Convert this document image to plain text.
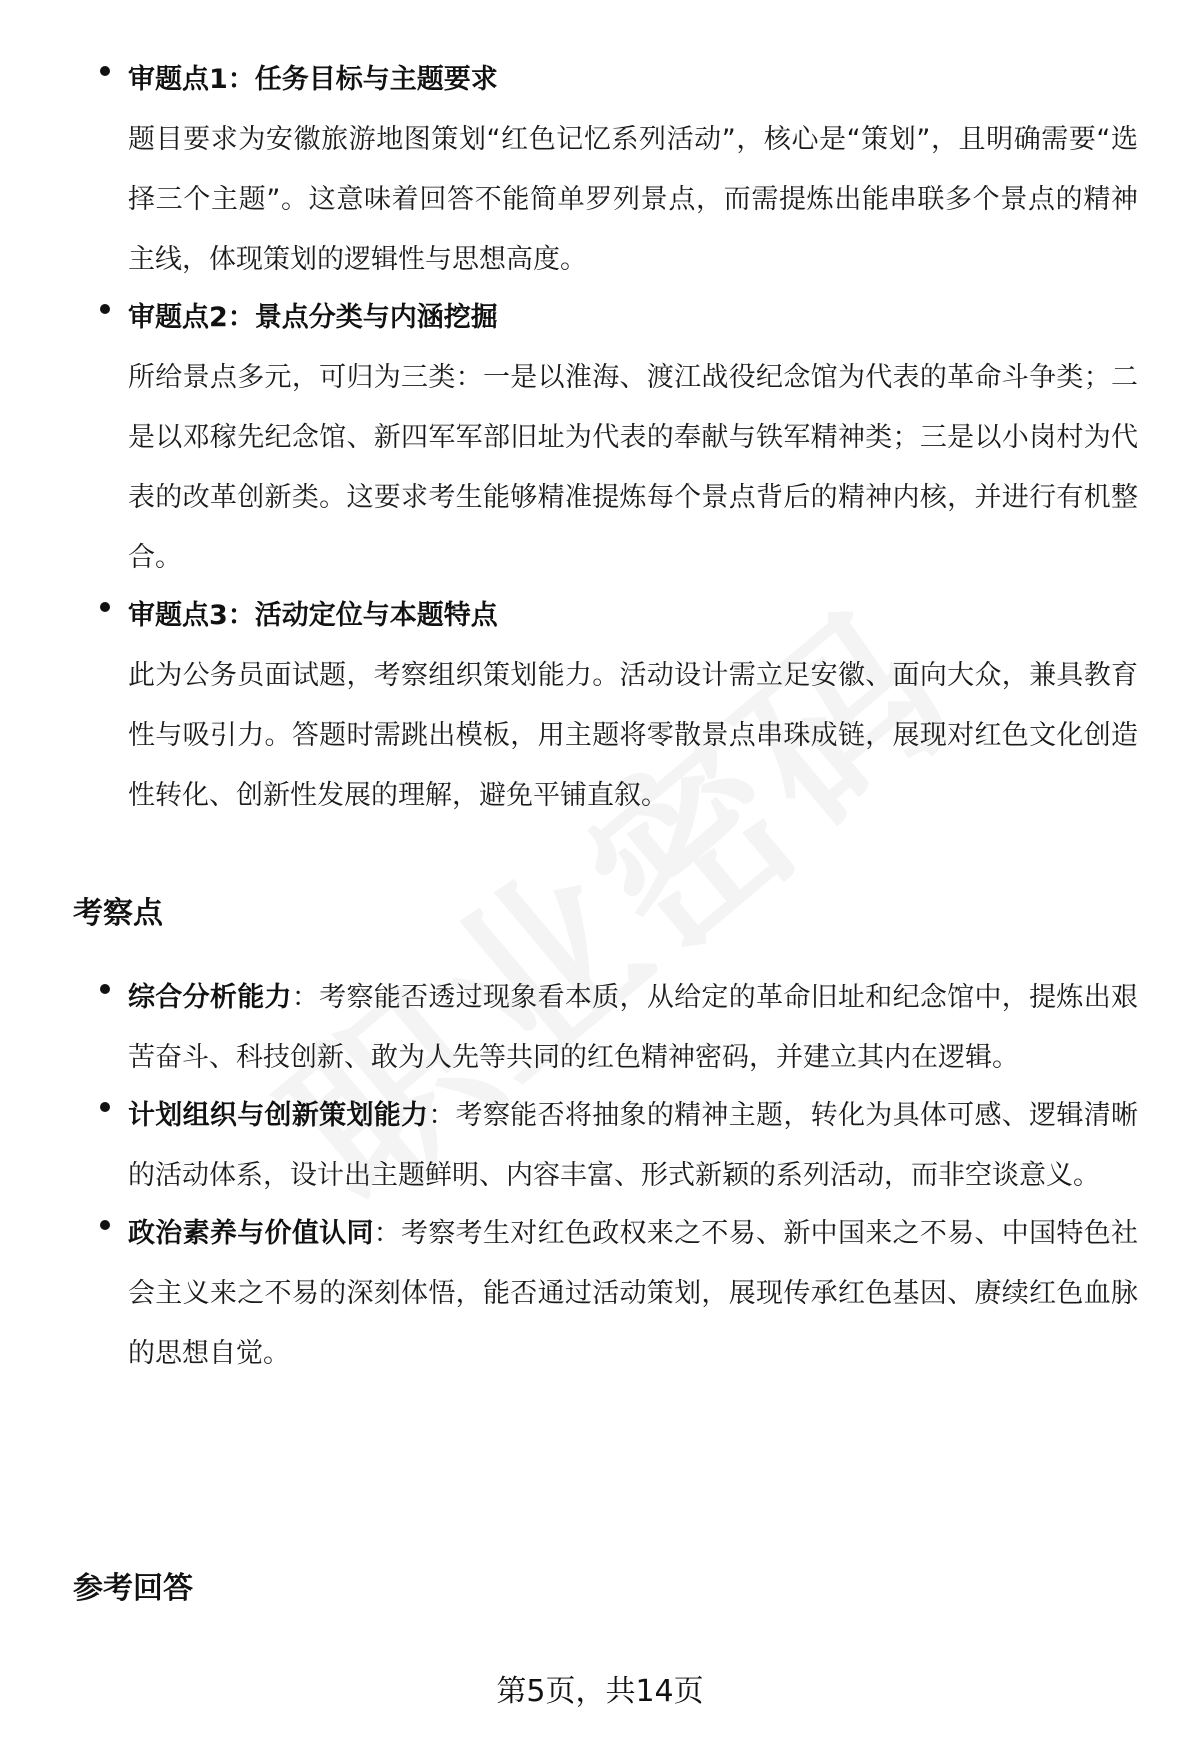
审题点1：任务目标与主题要求
题目要求为安徽旅游地图策划“红色记忆系列活动”，核心是“策划”，且明确需要“选择三个主题”。这意味着回答不能简单罗列景点，而需提炼出能串联多个景点的精神主线，体现策划的逻辑性与思想高度。
审题点2：景点分类与内涵挖掘
所给景点多元，可归为三类：一是以淮海、渡江战役纪念馆为代表的革命斗争类；二是以邓稼先纪念馆、新四军军部旧址为代表的奉献与铁军精神类；三是以小岗村为代表的改革创新类。这要求考生能够精准提炼每个景点背后的精神内核，并进行有机整合。
审题点3：活动定位与本题特点
此为公务员面试题，考察组织策划能力。活动设计需立足安徽、面向大众，兼具教育性与吸引力。答题时需跳出模板，用主题将零散景点串珠成链，展现对红色文化创造性转化、创新性发展的理解，避免平铺直叙。
考察点
综合分析能力：考察能否透过现象看本质，从给定的革命旧址和纪念馆中，提炼出艰苦奋斗、科技创新、敢为人先等共同的红色精神密码，并建立其内在逻辑。
计划组织与创新策划能力：考察能否将抽象的精神主题，转化为具体可感、逻辑清晰的活动体系，设计出主题鲜明、内容丰富、形式新颖的系列活动，而非空谈意义。
政治素养与价值认同：考察考生对红色政权来之不易、新中国来之不易、中国特色社会主义来之不易的深刻体悟，能否通过活动策划，展现传承红色基因、赓续红色血脉的思想自觉。
参考回答
第5页，共14页
